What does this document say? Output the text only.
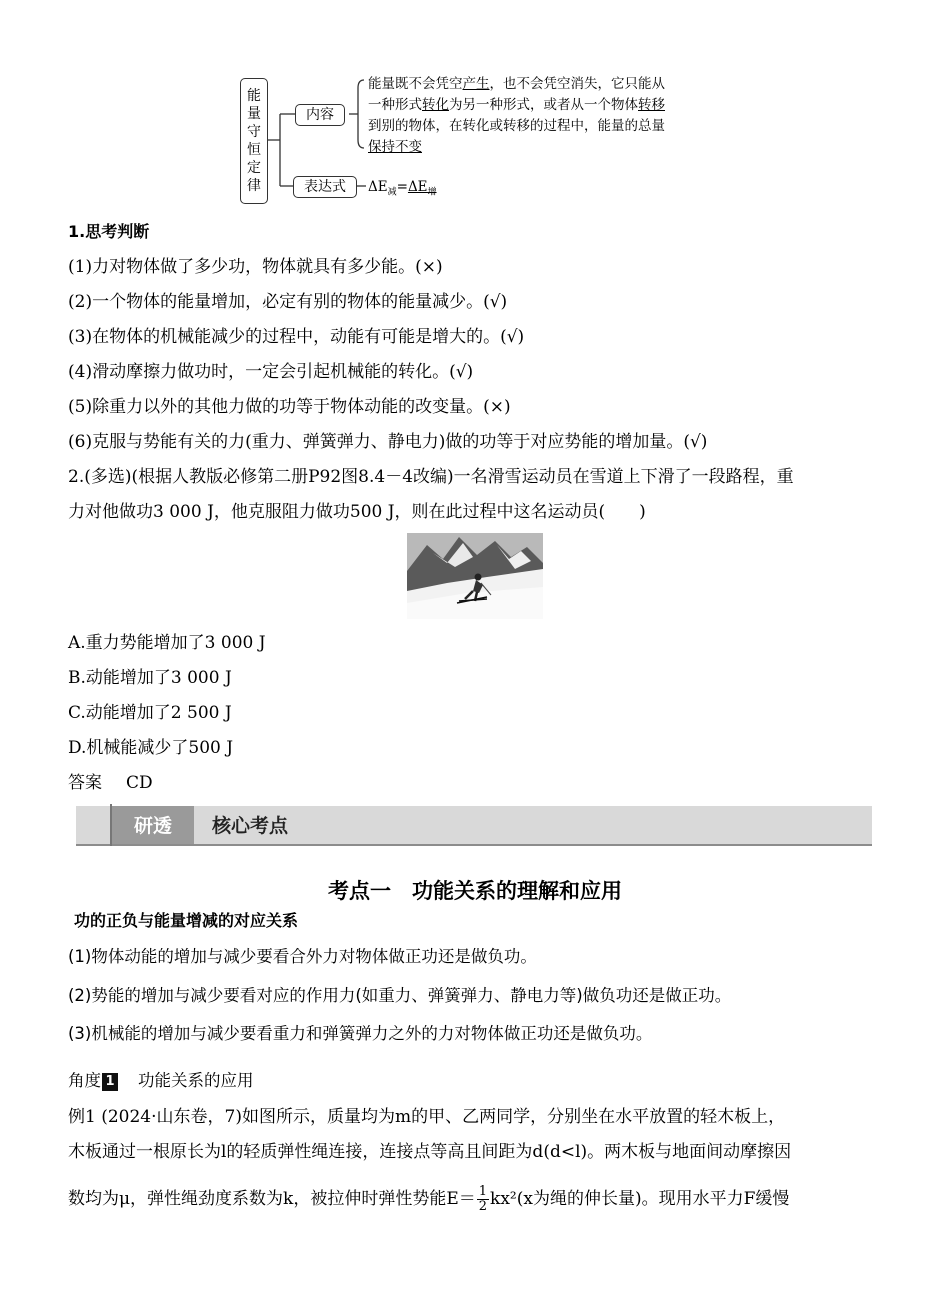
能
量
守
恒
定
律
内容
表达式
能量既不会凭空产生，也不会凭空消失，它只能从
一种形式转化为另一种形式，或者从一个物体转移
到别的物体，在转化或转移的过程中，能量的总量
保持不变
$\Delta E_减=\Delta E_增$
1.思考判断
(1)力对物体做了多少功，物体就具有多少能。(×)
(2)一个物体的能量增加，必定有别的物体的能量减少。(√)
(3)在物体的机械能减少的过程中，动能有可能是增大的。(√)
(4)滑动摩擦力做功时，一定会引起机械能的转化。(√)
(5)除重力以外的其他力做的功等于物体动能的改变量。(×)
(6)克服与势能有关的力(重力、弹簧弹力、静电力)做的功等于对应势能的增加量。(√)
2.(多选)(根据人教版必修第二册P92图8.4－4改编)一名滑雪运动员在雪道上下滑了一段路程，重
力对他做功3 000 J，他克服阻力做功500 J，则在此过程中这名运动员(　　)
A.重力势能增加了3 000 J
B.动能增加了3 000 J
C.动能增加了2 500 J
D.机械能减少了500 J
答案 CD
研透	核心考点
考点一　功能关系的理解和应用
功的正负与能量增减的对应关系
(1)物体动能的增加与减少要看合外力对物体做正功还是做负功。
(2)势能的增加与减少要看对应的作用力(如重力、弹簧弹力、静电力等)做负功还是做正功。
(3)机械能的增加与减少要看重力和弹簧弹力之外的力对物体做正功还是做负功。
角度 1 功能关系的应用
例1 (2024·山东卷，7)如图所示，质量均为m的甲、乙两同学，分别坐在水平放置的轻木板上，
木板通过一根原长为l的轻质弹性绳连接，连接点等高且间距为d(d<l)。两木板与地面间动摩擦因
数均为μ，弹性绳劲度系数为k，被拉伸时弹性势能$E= \frac{1}{2} kx^2(x$为绳的伸长量)。现用水平力F缓慢
